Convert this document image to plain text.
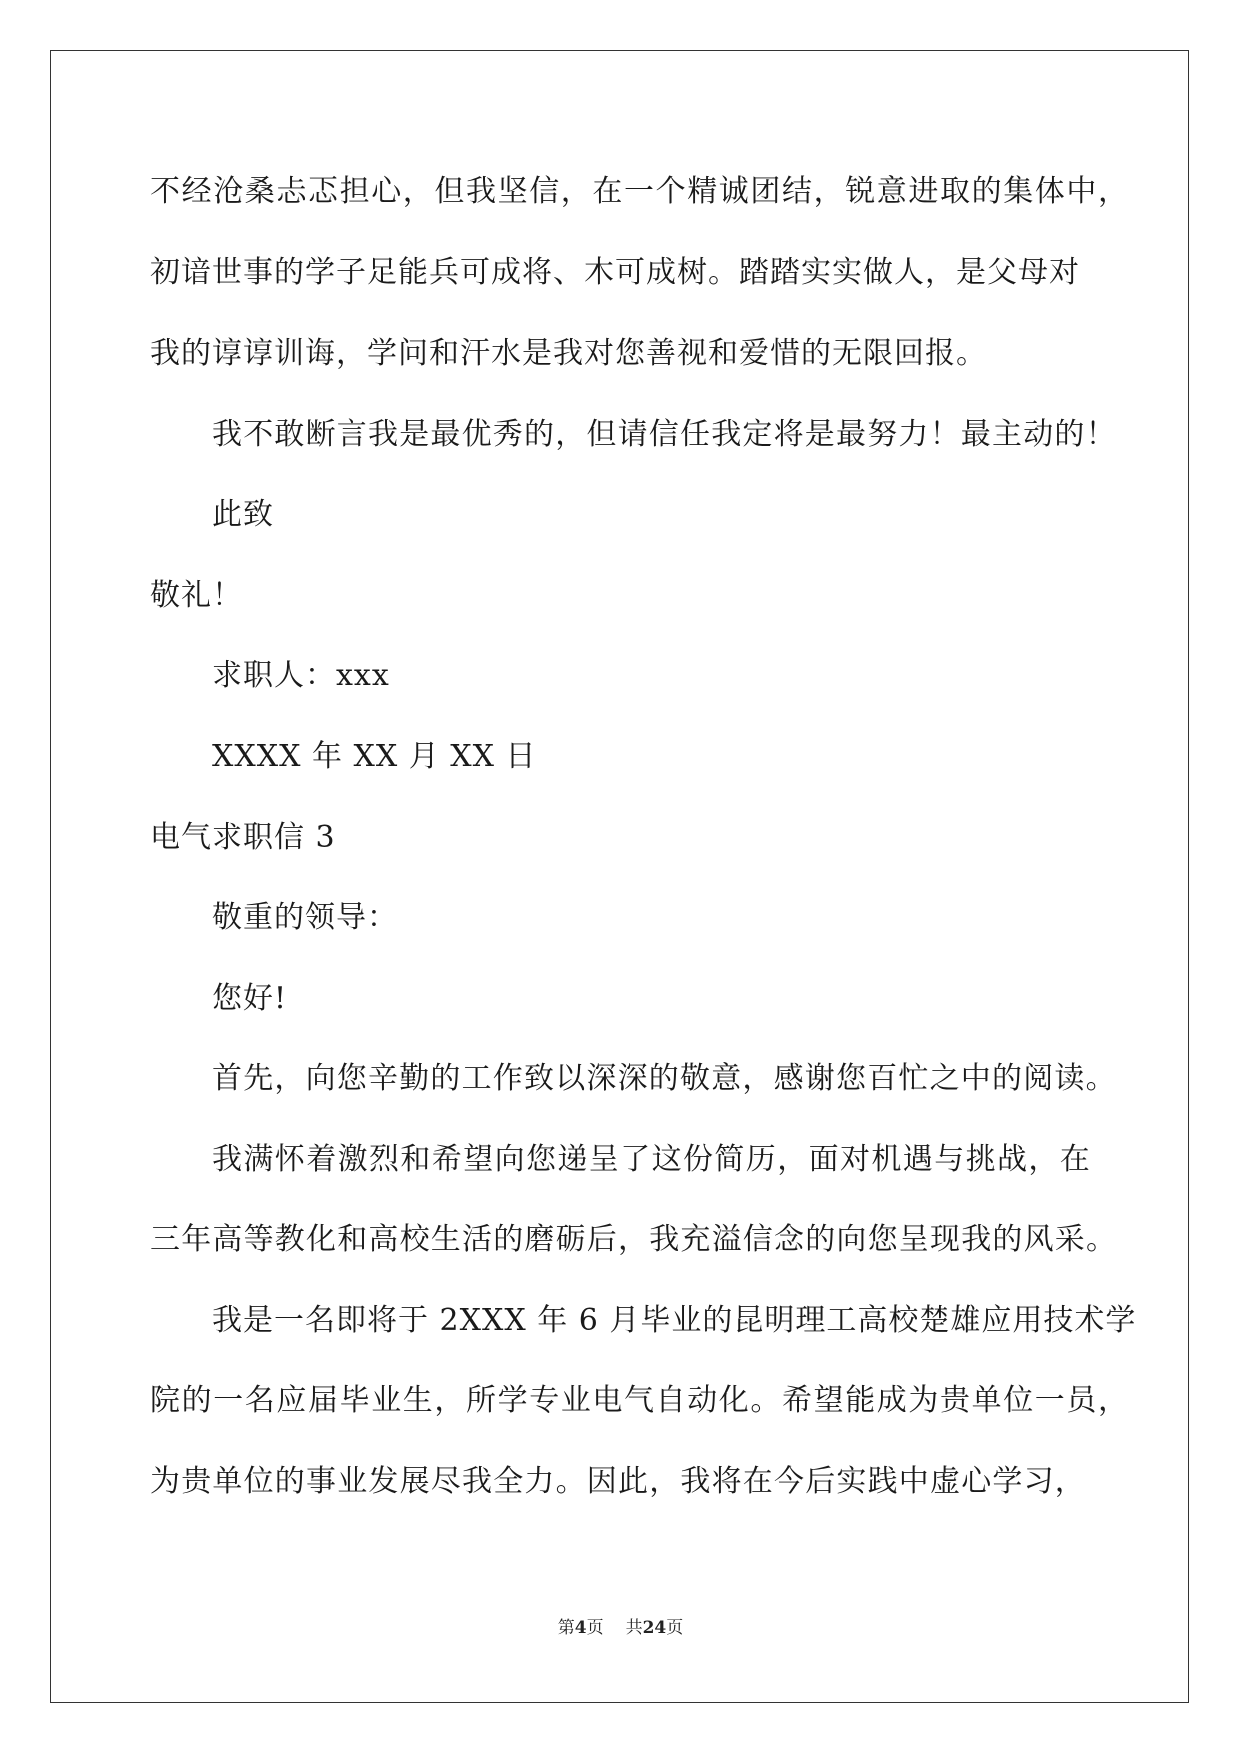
不经沧桑忐忑担心，但我坚信，在一个精诚团结，锐意进取的集体中，
初谙世事的学子足能兵可成将、木可成树。踏踏实实做人，是父母对
我的谆谆训诲，学问和汗水是我对您善视和爱惜的无限回报。
我不敢断言我是最优秀的，但请信任我定将是最努力！最主动的！
此致
敬礼！
求职人：xxx
XXXX 年 XX 月 XX 日
电气求职信 3
敬重的领导：
您好!
首先，向您辛勤的工作致以深深的敬意，感谢您百忙之中的阅读。
我满怀着激烈和希望向您递呈了这份简历，面对机遇与挑战，在
三年高等教化和高校生活的磨砺后，我充溢信念的向您呈现我的风采。
我是一名即将于 2XXX 年 6 月毕业的昆明理工高校楚雄应用技术学
院的一名应届毕业生，所学专业电气自动化。希望能成为贵单位一员，
为贵单位的事业发展尽我全力。因此，我将在今后实践中虚心学习，
第4页 共24页
